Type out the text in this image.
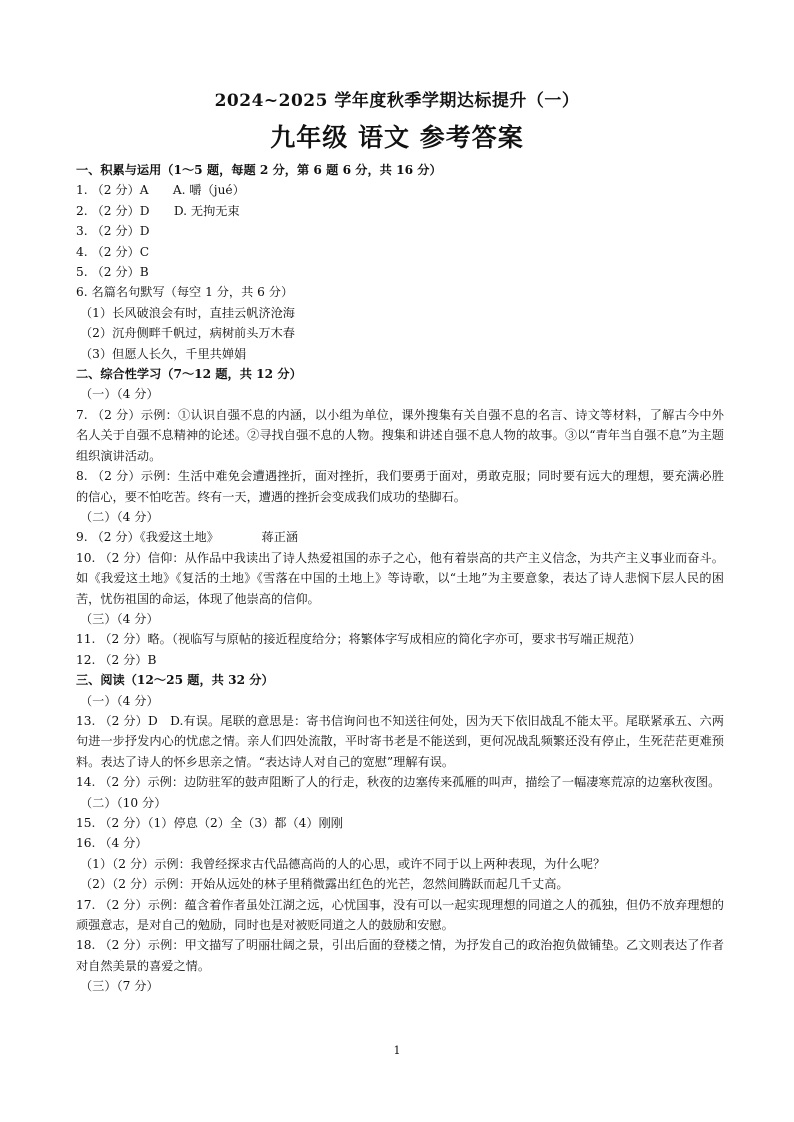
2024~2025 学年度秋季学期达标提升（一）
九年级 语文 参考答案

一、积累与运用（1～5 题，每题 2 分，第 6 题 6 分，共 16 分）

1. （2 分）A　　A. 嚼（jué）

2. （2 分）D　　D. 无拘无束

3. （2 分）D

4. （2 分）C

5. （2 分）B

6. 名篇名句默写（每空 1 分，共 6 分）

（1）长风破浪会有时，直挂云帆济沧海

（2）沉舟侧畔千帆过，病树前头万木春

（3）但愿人长久，千里共婵娟

二、综合性学习（7～12 题，共 12 分）

（一）（4 分）

7. （2 分）示例：①认识自强不息的内涵，以小组为单位，课外搜集有关自强不息的名言、诗文等材料，了解古今中外名人关于自强不息精神的论述。②寻找自强不息的人物。搜集和讲述自强不息人物的故事。③以“青年当自强不息”为主题组织演讲活动。

8. （2 分）示例：生活中难免会遭遇挫折，面对挫折，我们要勇于面对，勇敢克服；同时要有远大的理想，要充满必胜的信心，要不怕吃苦。终有一天，遭遇的挫折会变成我们成功的垫脚石。

（二）（4 分）

9. （2 分）《我爱这土地》　　　　蒋正涵

10. （2 分）信仰：从作品中我读出了诗人热爱祖国的赤子之心，他有着崇高的共产主义信念，为共产主义事业而奋斗。如《我爱这土地》《复活的土地》《雪落在中国的土地上》等诗歌，以“土地”为主要意象，表达了诗人悲悯下层人民的困苦，忧伤祖国的命运，体现了他崇高的信仰。

（三）（4 分）

11. （2 分）略。（视临写与原帖的接近程度给分；将繁体字写成相应的简化字亦可，要求书写端正规范）

12. （2 分）B

三、阅读（12～25 题，共 32 分）

（一）（4 分）

13. （2 分）D　D.有误。尾联的意思是：寄书信询问也不知送往何处，因为天下依旧战乱不能太平。尾联紧承五、六两句进一步抒发内心的忧虑之情。亲人们四处流散，平时寄书老是不能送到，更何况战乱频繁还没有停止，生死茫茫更难预料。表达了诗人的怀乡思亲之情。“表达诗人对自己的宽慰”理解有误。

14. （2 分）示例：边防驻军的鼓声阻断了人的行走，秋夜的边塞传来孤雁的叫声，描绘了一幅凄寒荒凉的边塞秋夜图。

（二）（10 分）

15. （2 分）（1）停息（2）全（3）都（4）刚刚

16. （4 分）

（1）（2 分）示例：我曾经探求古代品德高尚的人的心思，或许不同于以上两种表现，为什么呢？

（2）（2 分）示例：开始从远处的林子里稍微露出红色的光芒，忽然间腾跃而起几千丈高。

17. （2 分）示例：蕴含着作者虽处江湖之远，心忧国事，没有可以一起实现理想的同道之人的孤独，但仍不放弃理想的顽强意志，是对自己的勉励，同时也是对被贬同道之人的鼓励和安慰。

18. （2 分）示例：甲文描写了明丽壮阔之景，引出后面的登楼之情，为抒发自己的政治抱负做铺垫。乙文则表达了作者对自然美景的喜爱之情。

（三）（7 分）

1
